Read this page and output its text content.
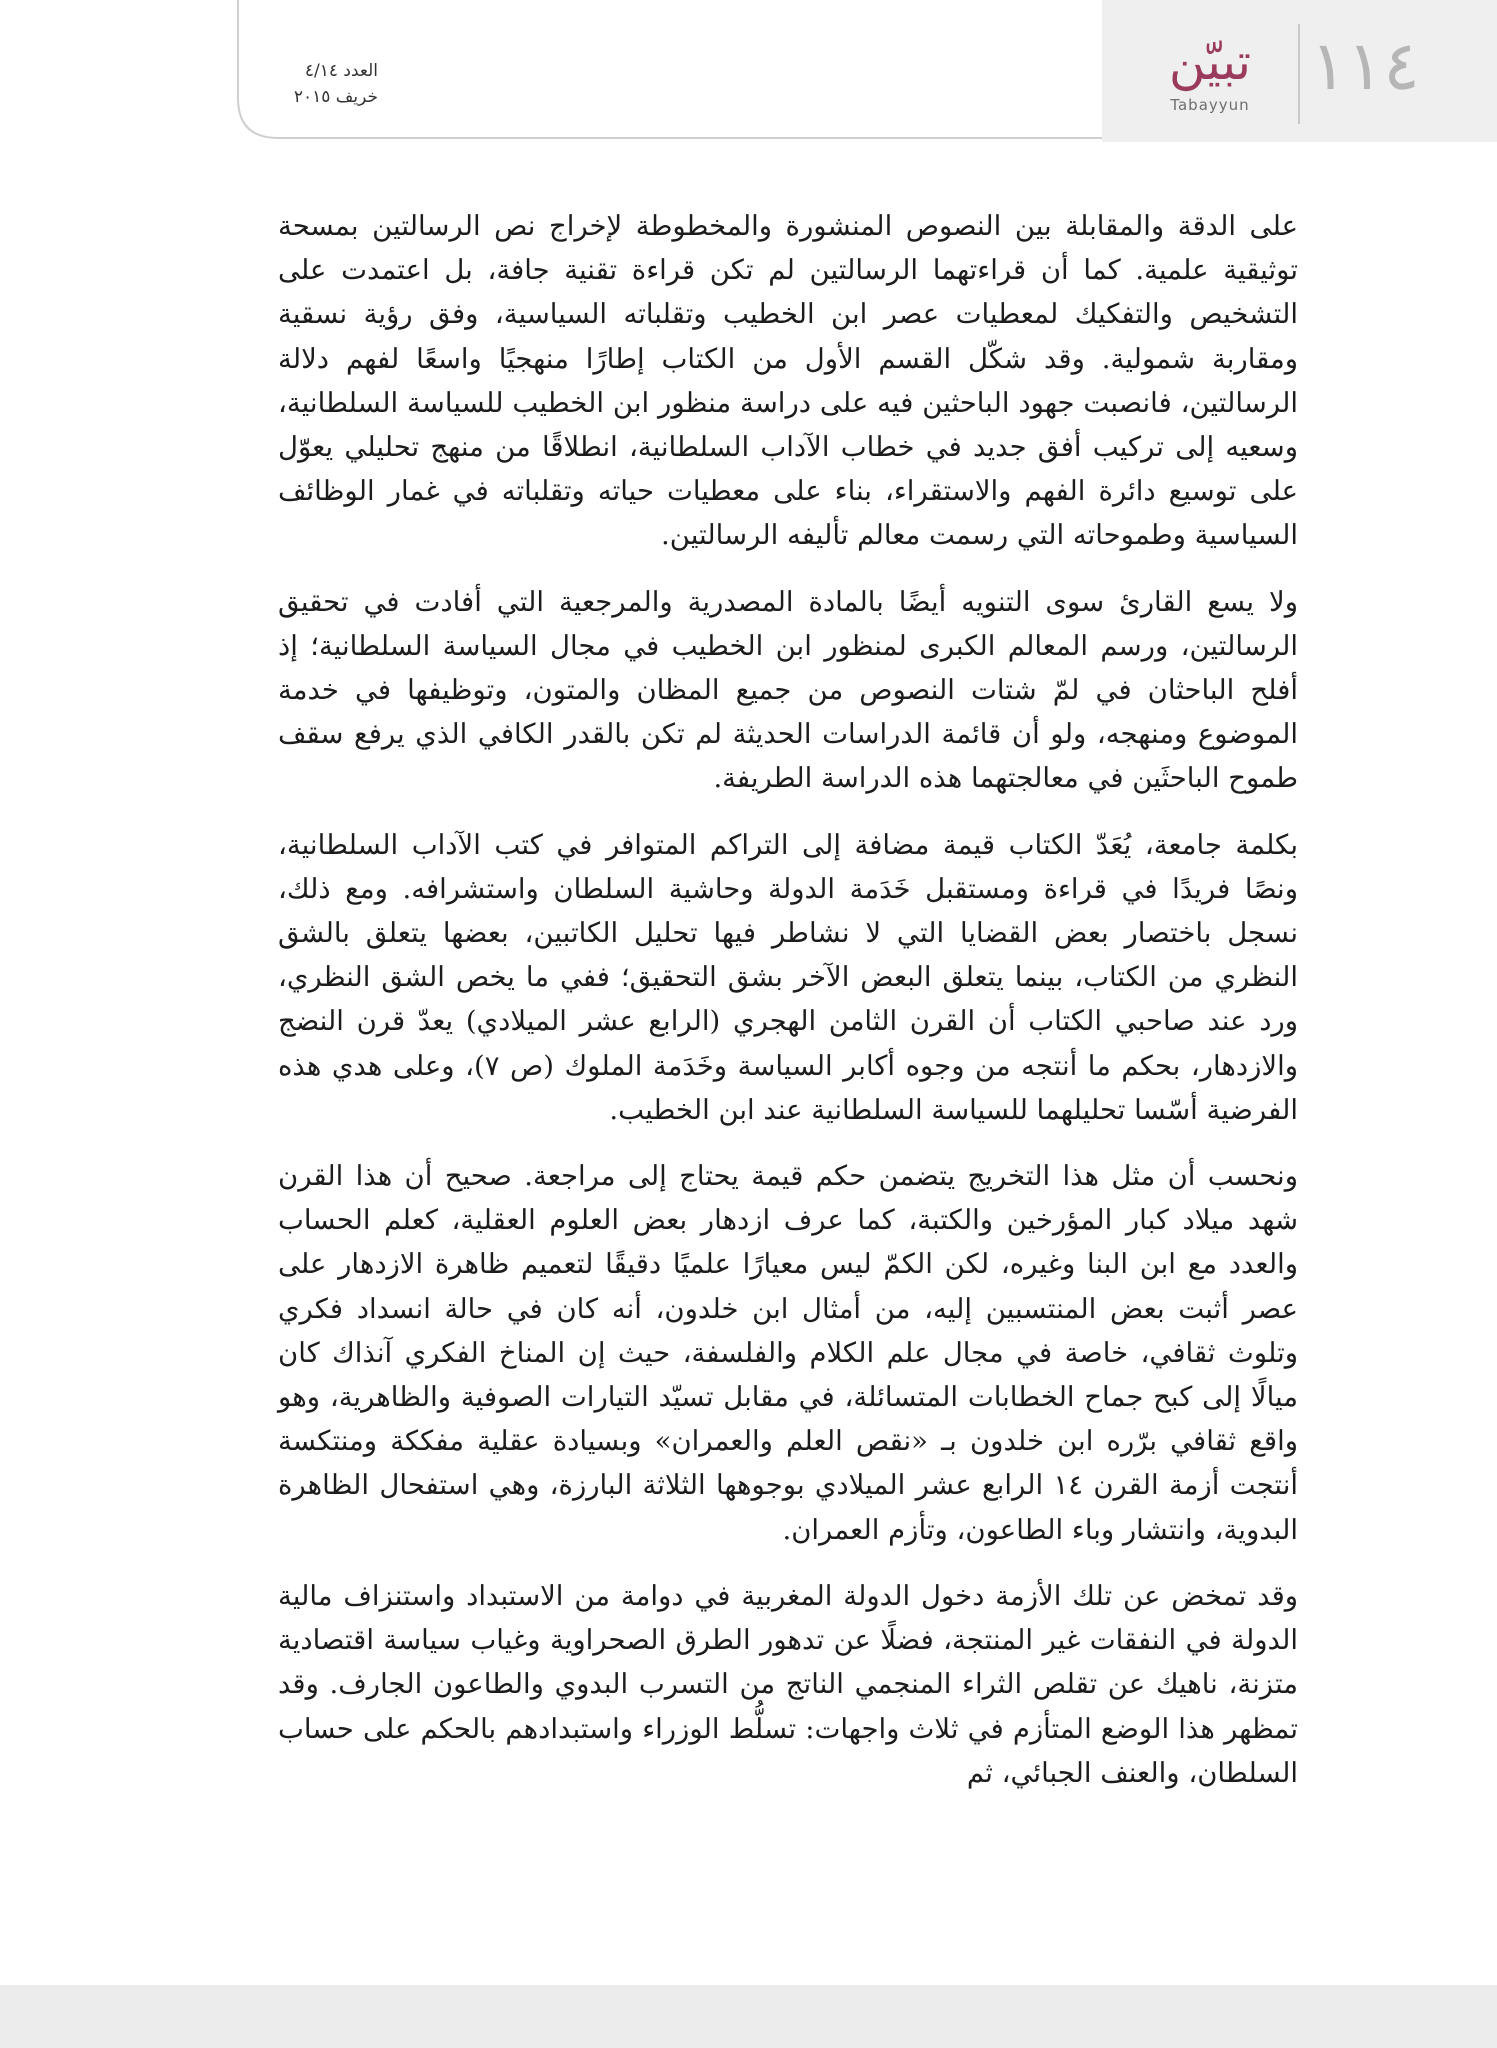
العدد ٤/١٤
خريف ٢٠١٥	١١٤
تبيّن
Tabayyun

على الدقة والمقابلة بين النصوص المنشورة والمخطوطة لإخراج نص الرسالتين بمسحة توثيقية علمية. كما أن قراءتهما الرسالتين لم تكن قراءة تقنية جافة، بل اعتمدت على التشخيص والتفكيك لمعطيات عصر ابن الخطيب وتقلباته السياسية، وفق رؤية نسقية ومقاربة شمولية. وقد شكّل القسم الأول من الكتاب إطارًا منهجيًا واسعًا لفهم دلالة الرسالتين، فانصبت جهود الباحثين فيه على دراسة منظور ابن الخطيب للسياسة السلطانية، وسعيه إلى تركيب أفق جديد في خطاب الآداب السلطانية، انطلاقًا من منهج تحليلي يعوّل على توسيع دائرة الفهم والاستقراء، بناء على معطيات حياته وتقلباته في غمار الوظائف السياسية وطموحاته التي رسمت معالم تأليفه الرسالتين.

ولا يسع القارئ سوى التنويه أيضًا بالمادة المصدرية والمرجعية التي أفادت في تحقيق الرسالتين، ورسم المعالم الكبرى لمنظور ابن الخطيب في مجال السياسة السلطانية؛ إذ أفلح الباحثان في لمّ شتات النصوص من جميع المظان والمتون، وتوظيفها في خدمة الموضوع ومنهجه، ولو أن قائمة الدراسات الحديثة لم تكن بالقدر الكافي الذي يرفع سقف طموح الباحثَين في معالجتهما هذه الدراسة الطريفة.

بكلمة جامعة، يُعَدّ الكتاب قيمة مضافة إلى التراكم المتوافر في كتب الآداب السلطانية، ونصًا فريدًا في قراءة ومستقبل خَدَمة الدولة وحاشية السلطان واستشرافه. ومع ذلك، نسجل باختصار بعض القضايا التي لا نشاطر فيها تحليل الكاتبين، بعضها يتعلق بالشق النظري من الكتاب، بينما يتعلق البعض الآخر بشق التحقيق؛ ففي ما يخص الشق النظري، ورد عند صاحبي الكتاب أن القرن الثامن الهجري (الرابع عشر الميلادي) يعدّ قرن النضج والازدهار، بحكم ما أنتجه من وجوه أكابر السياسة وخَدَمة الملوك (ص ٧)، وعلى هدي هذه الفرضية أسّسا تحليلهما للسياسة السلطانية عند ابن الخطيب.

ونحسب أن مثل هذا التخريج يتضمن حكم قيمة يحتاج إلى مراجعة. صحيح أن هذا القرن شهد ميلاد كبار المؤرخين والكتبة، كما عرف ازدهار بعض العلوم العقلية، كعلم الحساب والعدد مع ابن البنا وغيره، لكن الكمّ ليس معيارًا علميًا دقيقًا لتعميم ظاهرة الازدهار على عصر أثبت بعض المنتسبين إليه، من أمثال ابن خلدون، أنه كان في حالة انسداد فكري وتلوث ثقافي، خاصة في مجال علم الكلام والفلسفة، حيث إن المناخ الفكري آنذاك كان ميالًا إلى كبح جماح الخطابات المتسائلة، في مقابل تسيّد التيارات الصوفية والظاهرية، وهو واقع ثقافي برّره ابن خلدون بـ «نقص العلم والعمران» وبسيادة عقلية مفككة ومنتكسة أنتجت أزمة القرن ١٤ الرابع عشر الميلادي بوجوهها الثلاثة البارزة، وهي استفحال الظاهرة البدوية، وانتشار وباء الطاعون، وتأزم العمران.

وقد تمخض عن تلك الأزمة دخول الدولة المغربية في دوامة من الاستبداد واستنزاف مالية الدولة في النفقات غير المنتجة، فضلًا عن تدهور الطرق الصحراوية وغياب سياسة اقتصادية متزنة، ناهيك عن تقلص الثراء المنجمي الناتج من التسرب البدوي والطاعون الجارف. وقد تمظهر هذا الوضع المتأزم في ثلاث واجهات: تسلُّط الوزراء واستبدادهم بالحكم على حساب السلطان، والعنف الجبائي، ثم
